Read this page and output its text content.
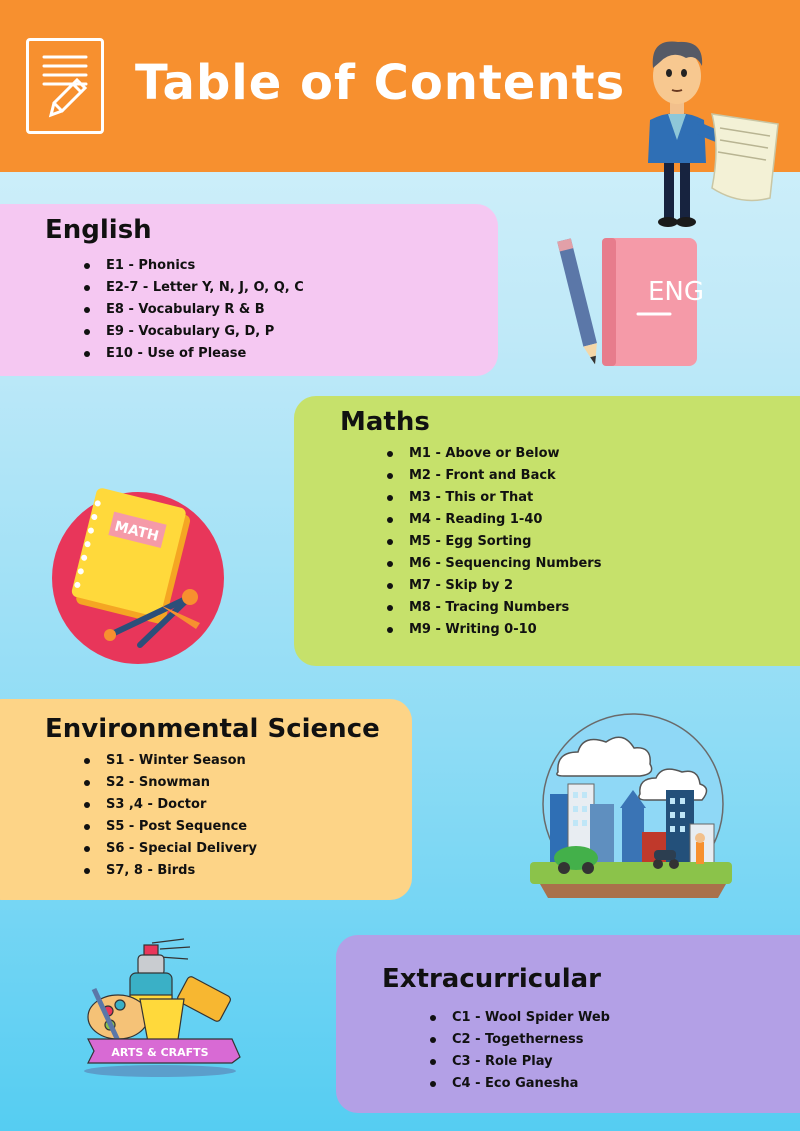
Table of Contents
English
E1 - Phonics
E2-7 - Letter Y, N, J, O, Q, C
E8 - Vocabulary R & B
E9 - Vocabulary G, D, P
E10 - Use of Please
ENG
Maths
M1 - Above or Below
M2 - Front and Back
M3 - This or That
M4 - Reading 1-40
M5 - Egg Sorting
M6 - Sequencing Numbers
M7 - Skip by 2
M8 - Tracing Numbers
M9 - Writing 0-10
MATH
Environmental Science
S1 - Winter Season
S2 - Snowman
S3 ,4 - Doctor
S5 - Post Sequence
S6 - Special Delivery
S7, 8 - Birds
Extracurricular
C1 - Wool Spider Web
C2 - Togetherness
C3 - Role Play
C4 - Eco Ganesha
ARTS & CRAFTS
